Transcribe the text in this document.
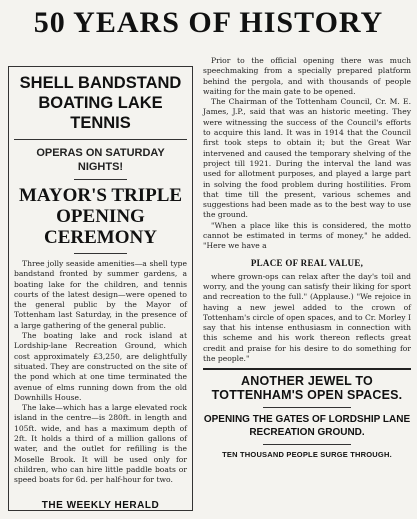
50 YEARS OF HISTORY

SHELL BANDSTAND BOATING LAKE TENNIS

OPERAS ON SATURDAY NIGHTS!

MAYOR'S TRIPLE OPENING CEREMONY

Three jolly seaside amenities—a shell type bandstand fronted by summer gardens, a boating lake for the children, and tennis courts of the latest design—were opened to the general public by the Mayor of Tottenham last Saturday, in the presence of a large gathering of the general public.

The boating lake and rock island at Lordship-lane Recreation Ground, which cost approximately £3,250, are delightfully situated. They are constructed on the site of the pond which at one time terminated the avenue of elms running down from the old Downhills House.

The lake—which has a large elevated rock island in the centre—is 280ft. in length and 105ft. wide, and has a maximum depth of 2ft. It holds a third of a million gallons of water, and the outlet for refilling is the Moselle Brook. It will be used only for children, who can hire little paddle boats or speed boats for 6d. per half-hour for two.

THE WEEKLY HERALD

Prior to the official opening there was much speechmaking from a specially prepared platform behind the pergola, and with thousands of people waiting for the main gate to be opened.

The Chairman of the Tottenham Council, Cr. M. E. James, J.P., said that was an historic meeting. They were witnessing the success of the Council's efforts to acquire this land. It was in 1914 that the Council first took steps to obtain it; but the Great War intervened and caused the temporary shelving of the project till 1921. During the interval the land was used for allotment purposes, and played a large part in solving the food problem during hostilities. From that time till the present, various schemes and suggestions had been made as to the best way to use the ground.

"When a place like this is considered, the motto cannot be estimated in terms of money," he added. "Here we have a

PLACE OF REAL VALUE,

where grown-ops can relax after the day's toil and worry, and the young can satisfy their liking for sport and recreation to the full." (Applause.) "We rejoice in having a new jewel added to the crown of Tottenham's circle of open spaces, and to Cr. Morley I say that his intense enthusiasm in connection with this scheme and his work thereon reflects great credit and praise for his desire to do something for the people."

ANOTHER JEWEL TO TOTTENHAM'S OPEN SPACES.

OPENING THE GATES OF LORDSHIP LANE RECREATION GROUND.

TEN THOUSAND PEOPLE SURGE THROUGH.
